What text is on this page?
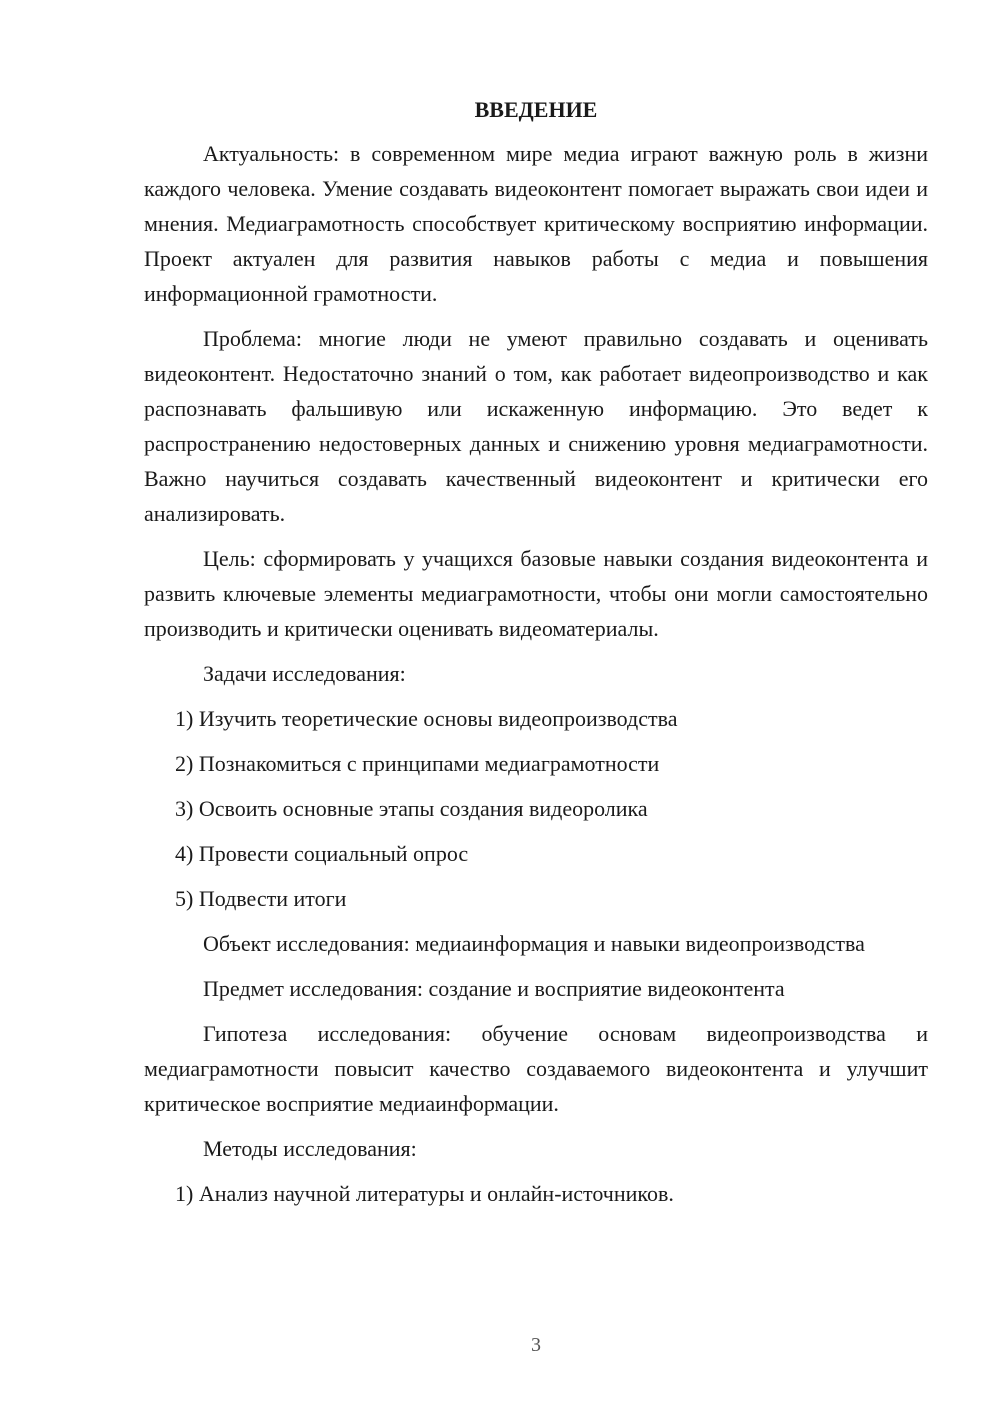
ВВЕДЕНИЕ

Актуальность: в современном мире медиа играют важную роль в жизни каждого человека. Умение создавать видеоконтент помогает выражать свои идеи и мнения. Медиаграмотность способствует критическому восприятию информации. Проект актуален для развития навыков работы с медиа и повышения информационной грамотности.

Проблема: многие люди не умеют правильно создавать и оценивать видеоконтент. Недостаточно знаний о том, как работает видеопроизводство и как распознавать фальшивую или искаженную информацию. Это ведет к распространению недостоверных данных и снижению уровня медиаграмотности. Важно научиться создавать качественный видеоконтент и критически его анализировать.

Цель: сформировать у учащихся базовые навыки создания видеоконтента и развить ключевые элементы медиаграмотности, чтобы они могли самостоятельно производить и критически оценивать видеоматериалы.

Задачи исследования:

1) Изучить теоретические основы видеопроизводства
2) Познакомиться с принципами медиаграмотности
3) Освоить основные этапы создания видеоролика
4) Провести социальный опрос
5) Подвести итоги

Объект исследования: медиаинформация и навыки видеопроизводства

Предмет исследования: создание и восприятие видеоконтента

Гипотеза исследования: обучение основам видеопроизводства и медиаграмотности повысит качество создаваемого видеоконтента и улучшит критическое восприятие медиаинформации.

Методы исследования:

1) Анализ научной литературы и онлайн-источников.
3
